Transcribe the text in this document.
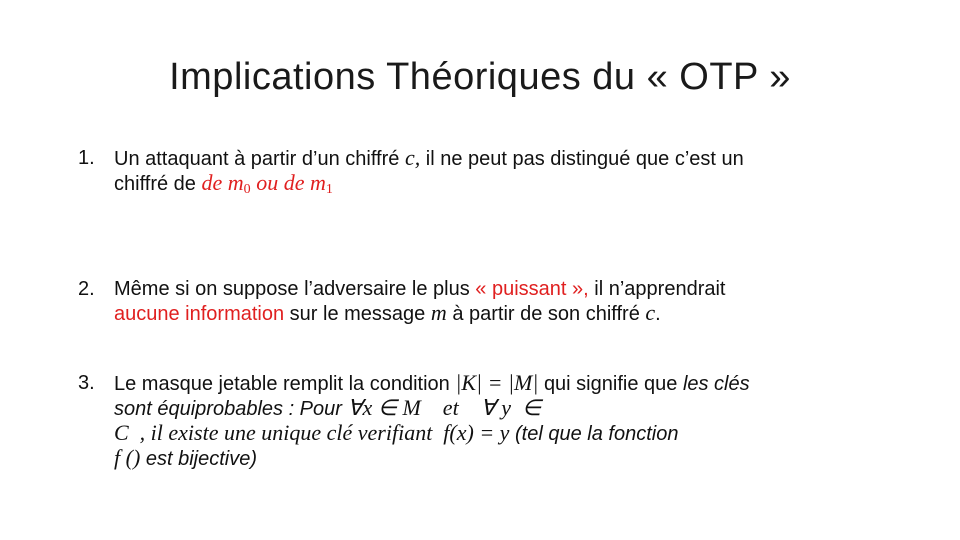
Implications Théoriques du « OTP »
1. Un attaquant à partir d’un chiffré c, il ne peut pas distingué que c’est un
chiffré de de $m_0$ ou de $m_1$
2. Même si on suppose l’adversaire le plus « puissant », il n’apprendrait
aucune information sur le message m à partir de son chiffré c.
3. Le masque jetable remplit la condition |K| = |M| qui signifie que les clés
sont équiprobables : Pour ∀x ∈ M    et    ∀ y  ∈
C  , il existe une unique clé verifiant  f(x) = y (tel que la fonction
f () est bijective)
